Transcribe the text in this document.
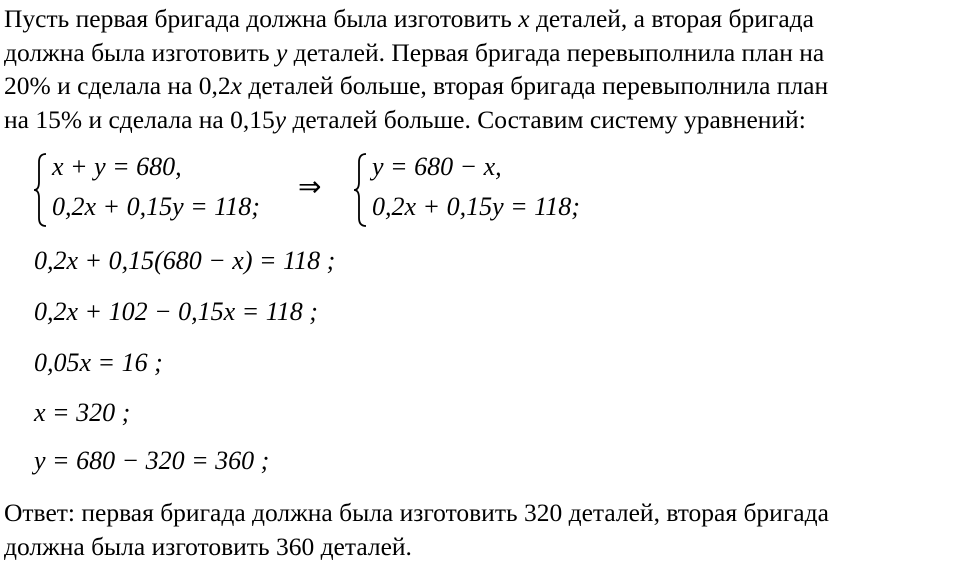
Пусть первая бригада должна была изготовить x деталей, а вторая бригада
должна была изготовить y деталей. Первая бригада перевыполнила план на
20% и сделала на 0,2x деталей больше, вторая бригада перевыполнила план
на 15% и сделала на 0,15y деталей больше. Составим систему уравнений:
x + y = 680,
0,2x + 0,15y = 118;
⇒
y = 680 − x,
0,2x + 0,15y = 118;
0,2x + 0,15(680 − x) = 118 ;
0,2x + 102 − 0,15x = 118 ;
0,05x = 16 ;
x = 320 ;
y = 680 − 320 = 360 ;
Ответ: первая бригада должна была изготовить 320 деталей, вторая бригада
должна была изготовить 360 деталей.
